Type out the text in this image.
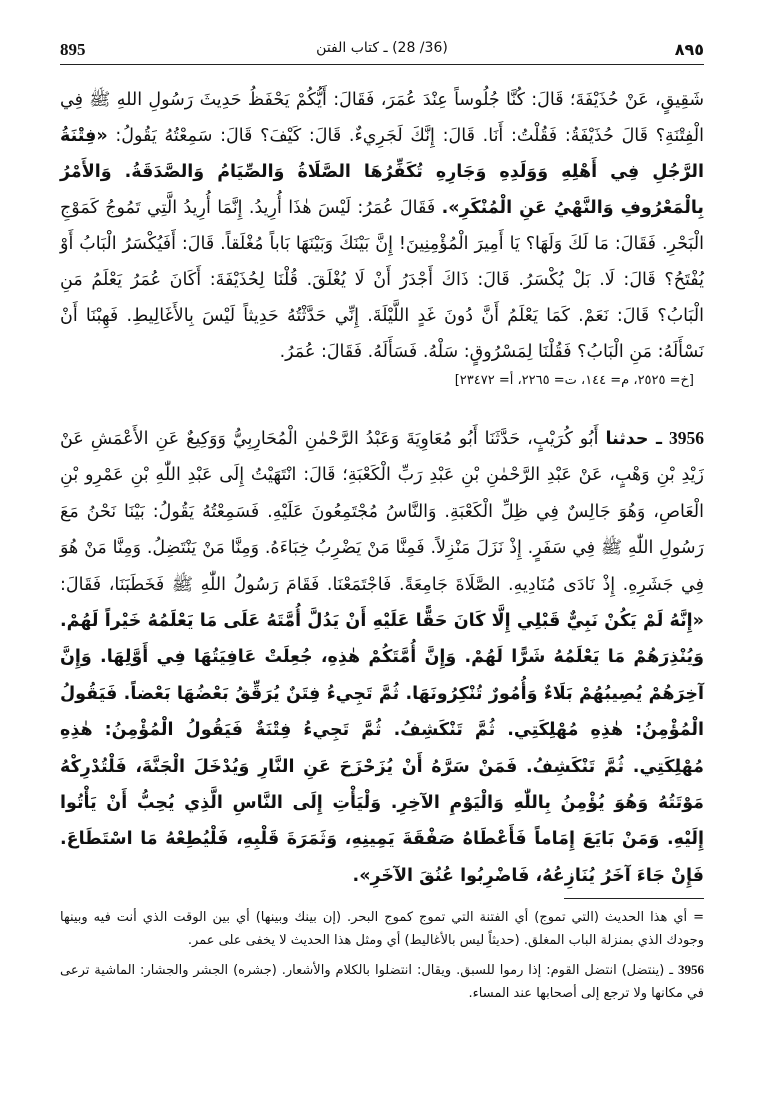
895	(36/ 28) ـ كتاب الفتن	٨٩٥
شَقِيقٍ، عَنْ حُذَيْفَةَ؛ قَالَ: كُنَّا جُلُوساً عِنْدَ عُمَرَ، فَقَالَ: أَيُّكُمْ يَحْفَظُ حَدِيثَ رَسُولِ اللهِ ﷺ فِي الْفِتْنَةِ؟ قَالَ حُذَيْفَةُ: فَقُلْتُ: أَنَا. قَالَ: إِنَّكَ لَجَرِيءٌ. قَالَ: كَيْفَ؟ قَالَ: سَمِعْتُهُ يَقُولُ: «فِتْنَةُ الرَّجُلِ فِي أَهْلِهِ وَوَلَدِهِ وَجَارِهِ تُكَفِّرُهَا الصَّلَاةُ وَالصِّيَامُ وَالصَّدَقَةُ. وَالأَمْرُ بِالْمَعْرُوفِ وَالنَّهْيُ عَنِ الْمُنْكَرِ». فَقَالَ عُمَرُ: لَيْسَ هٰذَا أُرِيدُ. إِنَّمَا أُرِيدُ الَّتِي تَمُوجُ كَمَوْجِ الْبَحْرِ. فَقَالَ: مَا لَكَ وَلَهَا؟ يَا أَمِيرَ الْمُؤْمِنِينَ! إِنَّ بَيْنَكَ وَبَيْنَهَا بَاباً مُغْلَقاً. قَالَ: أَفَيُكْسَرُ الْبَابُ أَوْ يُفْتَحُ؟ قَالَ: لَا. بَلْ يُكْسَرُ. قَالَ: ذَاكَ أَجْدَرُ أَنْ لَا يُغْلَقَ. قُلْنَا لِحُذَيْفَةَ: أَكَانَ عُمَرُ يَعْلَمُ مَنِ الْبَابُ؟ قَالَ: نَعَمْ. كَمَا يَعْلَمُ أَنَّ دُونَ غَدٍ اللَّيْلَةَ. إِنِّي حَدَّثْتُهُ حَدِيثاً لَيْسَ بِالأَغَالِيطِ. فَهِبْنَا أَنْ نَسْأَلَهُ: مَنِ الْبَابُ؟ فَقُلْنَا لِمَسْرُوقٍ: سَلْهُ. فَسَأَلَهُ. فَقَالَ: عُمَرُ.
[خ= ٢٥٢٥، م= ١٤٤، ت= ٢٢٦٥، أ= ٢٣٤٧٢]
3956 ـ حدثنا أَبُو كُرَيْبٍ، حَدَّثَنَا أَبُو مُعَاوِيَةَ وَعَبْدُ الرَّحْمٰنِ الْمُحَارِبِيُّ وَوَكِيعٌ عَنِ الأَعْمَشِ عَنْ زَيْدِ بْنِ وَهْبٍ، عَنْ عَبْدِ الرَّحْمٰنِ بْنِ عَبْدِ رَبِّ الْكَعْبَةِ؛ قَالَ: انْتَهَيْتُ إِلَى عَبْدِ اللّٰهِ بْنِ عَمْرِو بْنِ الْعَاصِ، وَهُوَ جَالِسٌ فِي ظِلِّ الْكَعْبَةِ. وَالنَّاسُ مُجْتَمِعُونَ عَلَيْهِ. فَسَمِعْتُهُ يَقُولُ: بَيْنَا نَحْنُ مَعَ رَسُولِ اللّٰهِ ﷺ فِي سَفَرٍ. إِذْ نَزَلَ مَنْزِلاً. فَمِنَّا مَنْ يَضْرِبُ خِبَاءَهُ. وَمِنَّا مَنْ يَنْتَضِلُ. وَمِنَّا مَنْ هُوَ فِي جَشَرِهِ. إِذْ نَادَى مُنَادِيهِ. الصَّلَاةَ جَامِعَةً. فَاجْتَمَعْنَا. فَقَامَ رَسُولُ اللّٰهِ ﷺ فَخَطَبَنَا، فَقَالَ: «إِنَّهُ لَمْ يَكُنْ نَبِيٌّ قَبْلِي إِلَّا كَانَ حَقًّا عَلَيْهِ أَنْ يَدُلَّ أُمَّتَهُ عَلَى مَا يَعْلَمُهُ خَيْراً لَهُمْ. وَيُنْذِرَهُمْ مَا يَعْلَمُهُ شَرًّا لَهُمْ. وَإِنَّ أُمَّتَكُمْ هٰذِهِ، جُعِلَتْ عَافِيَتُهَا فِي أَوَّلِهَا. وَإِنَّ آخِرَهُمْ يُصِيبُهُمْ بَلَاءٌ وَأُمُورٌ تُنْكِرُونَهَا. ثُمَّ تَجِيءُ فِتَنٌ يُرَقِّقُ بَعْضُهَا بَعْضاً. فَيَقُولُ الْمُؤْمِنُ: هٰذِهِ مُهْلِكَتِي. ثُمَّ تَنْكَشِفُ. ثُمَّ تَجِيءُ فِتْنَةٌ فَيَقُولُ الْمُؤْمِنُ: هٰذِهِ مُهْلِكَتِي. ثُمَّ تَنْكَشِفُ. فَمَنْ سَرَّهُ أَنْ يُزَحْزَحَ عَنِ النَّارِ وَيُدْخَلَ الْجَنَّةَ، فَلْتُدْرِكْهُ مَوْتَتُهُ وَهُوَ يُؤْمِنُ بِاللّٰهِ وَالْيَوْمِ الآخِرِ. وَلْيَأْتِ إِلَى النَّاسِ الَّذِي يُحِبُّ أَنْ يَأْتُوا إِلَيْهِ. وَمَنْ بَايَعَ إِمَاماً فَأَعْطَاهُ صَفْقَةَ يَمِينِهِ، وَثَمَرَةَ قَلْبِهِ، فَلْيُطِعْهُ مَا اسْتَطَاعَ. فَإِنْ جَاءَ آخَرُ يُنَازِعُهُ، فَاضْرِبُوا عُنُقَ الآخَرِ».

= أي هذا الحديث (التي تموج) أي الفتنة التي تموج كموج البحر. (إن بينك وبينها) أي بين الوقت الذي أنت فيه وبينها وجودك الذي بمنزلة الباب المغلق. (حديثاً ليس بالأغاليط) أي ومثل هذا الحديث لا يخفى على عمر.

3956 ـ (ينتضل) انتضل القوم: إذا رموا للسبق. ويقال: انتضلوا بالكلام والأشعار. (جشره) الجشر والجشار: الماشية ترعى في مكانها ولا ترجع إلى أصحابها عند المساء.
